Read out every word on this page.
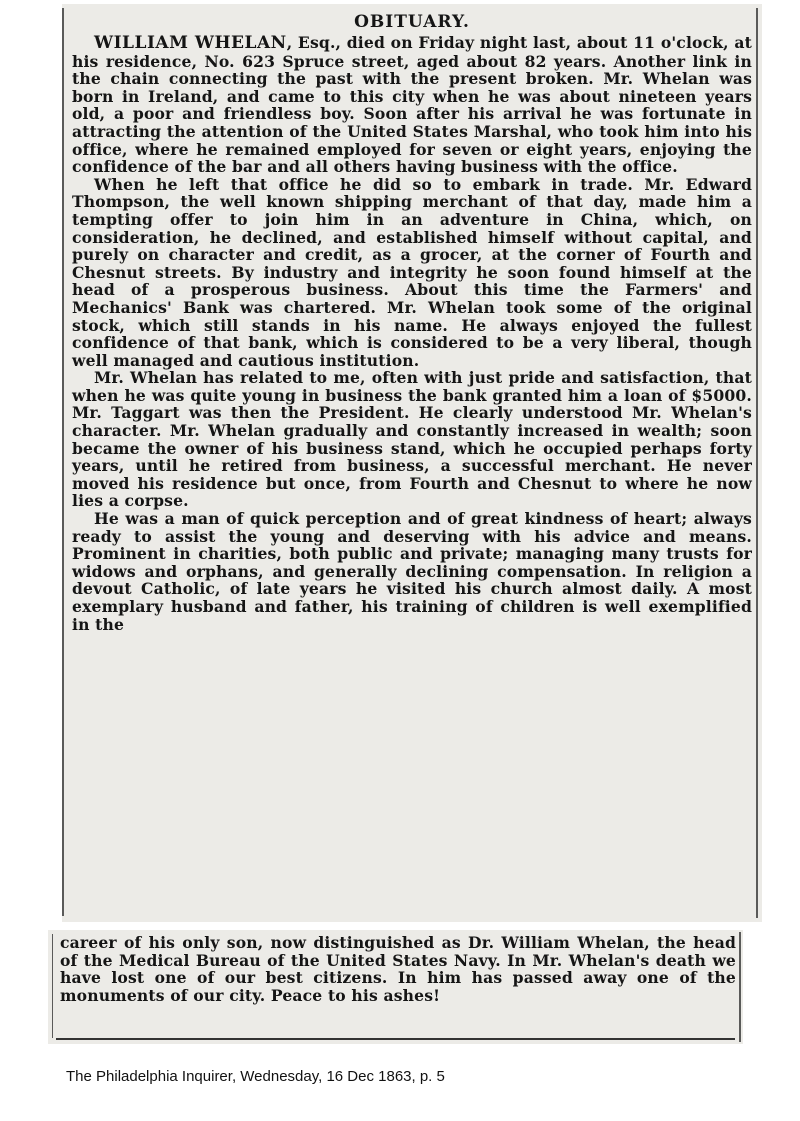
OBITUARY.

WILLIAM WHELAN, Esq., died on Friday night last, about 11 o'clock, at his residence, No. 623 Spruce street, aged about 82 years. Another link in the chain connecting the past with the present broken. Mr. Whelan was born in Ireland, and came to this city when he was about nineteen years old, a poor and friendless boy. Soon after his arrival he was fortunate in attracting the attention of the United States Marshal, who took him into his office, where he remained employed for seven or eight years, enjoying the confidence of the bar and all others having business with the office.

When he left that office he did so to embark in trade. Mr. Edward Thompson, the well known shipping merchant of that day, made him a tempting offer to join him in an adventure in China, which, on consideration, he declined, and established himself without capital, and purely on character and credit, as a grocer, at the corner of Fourth and Chesnut streets. By industry and integrity he soon found himself at the head of a prosperous business. About this time the Farmers' and Mechanics' Bank was chartered. Mr. Whelan took some of the original stock, which still stands in his name. He always enjoyed the fullest confidence of that bank, which is considered to be a very liberal, though well managed and cautious institution.

Mr. Whelan has related to me, often with just pride and satisfaction, that when he was quite young in business the bank granted him a loan of $5000. Mr. Taggart was then the President. He clearly understood Mr. Whelan's character. Mr. Whelan gradually and constantly increased in wealth; soon became the owner of his business stand, which he occupied perhaps forty years, until he retired from business, a successful merchant. He never moved his residence but once, from Fourth and Chesnut to where he now lies a corpse.

He was a man of quick perception and of great kindness of heart; always ready to assist the young and deserving with his advice and means. Prominent in charities, both public and private; managing many trusts for widows and orphans, and generally declining compensation. In religion a devout Catholic, of late years he visited his church almost daily. A most exemplary husband and father, his training of children is well exemplified in the

career of his only son, now distinguished as Dr. William Whelan, the head of the Medical Bureau of the United States Navy. In Mr. Whelan's death we have lost one of our best citizens. In him has passed away one of the monuments of our city. Peace to his ashes!

The Philadelphia Inquirer, Wednesday, 16 Dec 1863, p. 5
